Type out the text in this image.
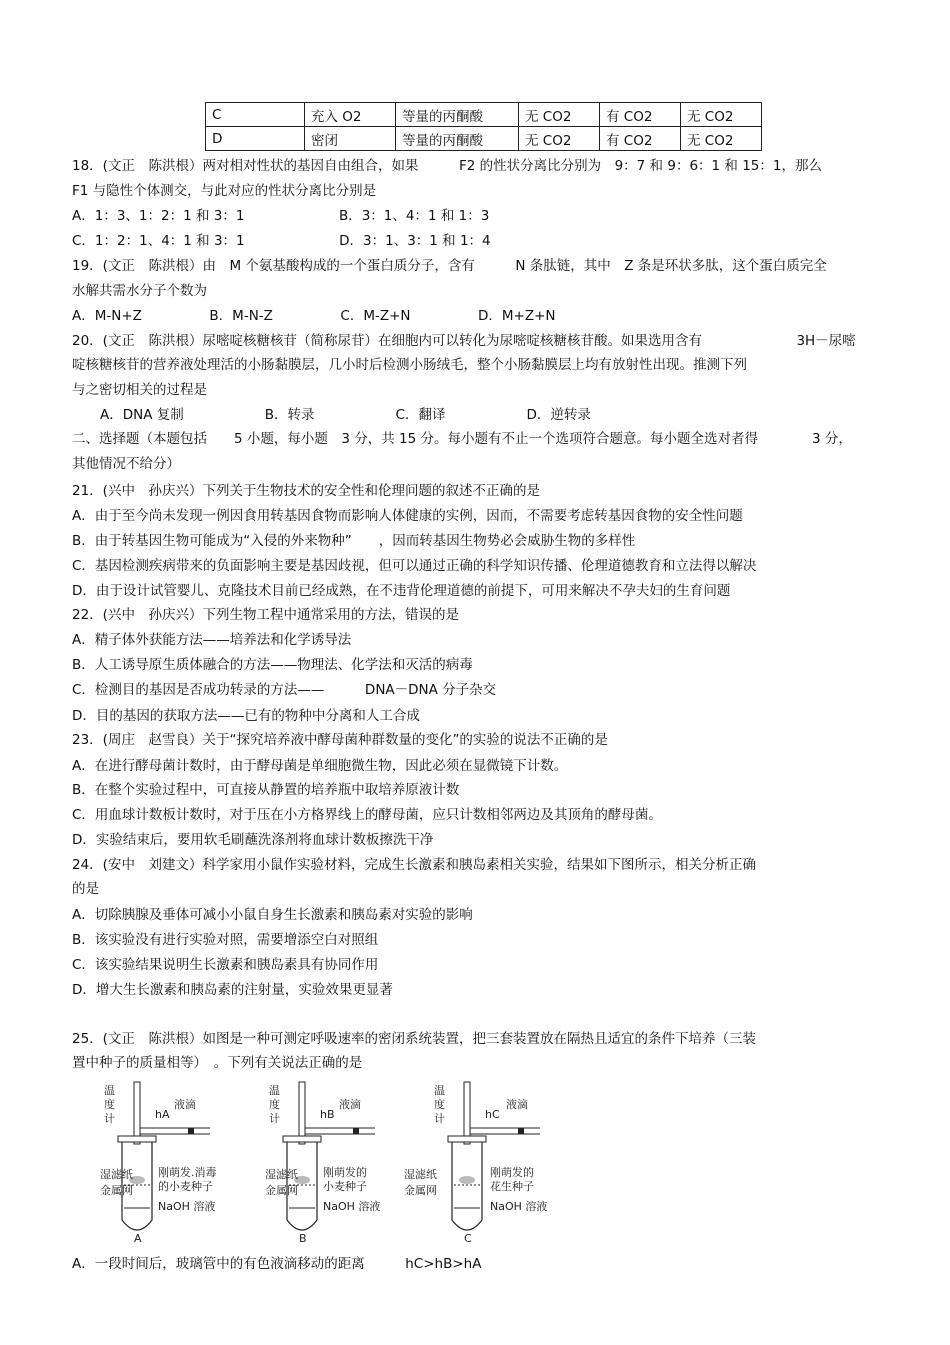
C	充入 O2	等量的丙酮酸	无 CO2	有 CO2	无 CO2
D	密闭	等量的丙酮酸	无 CO2	有 CO2	无 CO2
18．(文正　陈洪根）两对相对性状的基因自由组合，如果　　　F2 的性状分离比分别为　9：7 和 9：6：1 和 15：1，那么
F1 与隐性个体测交，与此对应的性状分离比分别是
A．1：3、1：2：1 和 3：1　　　　　　　B．3：1、4：1 和 1：3
C．1：2：1、4：1 和 3：1　　　　　　　D．3：1、3：1 和 1：4
19．(文正　陈洪根）由　M 个氨基酸构成的一个蛋白质分子，含有　　　N 条肽链，其中　Z 条是环状多肽，这个蛋白质完全
水解共需水分子个数为
A．M-N+Z　　　　　B．M-N-Z　　　　　C．M-Z+N　　　　　D．M+Z+N
20．(文正　陈洪根）尿嘧啶核糖核苷（简称尿苷）在细胞内可以转化为尿嘧啶核糖核苷酸。如果选用含有　　　　　　　3H－尿嘧
啶核糖核苷的营养液处理活的小肠黏膜层，几小时后检测小肠绒毛，整个小肠黏膜层上均有放射性出现。推测下列
与之密切相关的过程是
A．DNA 复制　　　　　　B．转录　　　　　　C．翻译　　　　　　D．逆转录
二、选择题（本题包括　　5 小题，每小题　3 分，共 15 分。每小题有不止一个选项符合题意。每小题全选对者得　　　　3 分，
其他情况不给分）
21．(兴中　孙庆兴）下列关于生物技术的安全性和伦理问题的叙述不正确的是
A．由于至今尚未发现一例因食用转基因食物而影响人体健康的实例，因而，不需要考虑转基因食物的安全性问题
B．由于转基因生物可能成为“入侵的外来物种”　　，因而转基因生物势必会威胁生物的多样性
C．基因检测疾病带来的负面影响主要是基因歧视，但可以通过正确的科学知识传播、伦理道德教育和立法得以解决
D．由于设计试管婴儿、克隆技术目前已经成熟，在不违背伦理道德的前提下，可用来解决不孕夫妇的生育问题
22．(兴中　孙庆兴）下列生物工程中通常采用的方法，错误的是
A．精子体外获能方法——培养法和化学诱导法
B．人工诱导原生质体融合的方法——物理法、化学法和灭活的病毒
C．检测目的基因是否成功转录的方法——　　　DNA－DNA 分子杂交
D．目的基因的获取方法——已有的物种中分离和人工合成
23．(周庄　赵雪良）关于“探究培养液中酵母菌种群数量的变化”的实验的说法不正确的是
A．在进行酵母菌计数时，由于酵母菌是单细胞微生物，因此必须在显微镜下计数。
B．在整个实验过程中，可直接从静置的培养瓶中取培养原液计数
C．用血球计数板计数时，对于压在小方格界线上的酵母菌，应只计数相邻两边及其顶角的酵母菌。
D．实验结束后，要用软毛刷蘸洗涤剂将血球计数板擦洗干净
24．(安中　刘建文）科学家用小鼠作实验材料，完成生长激素和胰岛素相关实验，结果如下图所示，相关分析正确
的是
A．切除胰腺及垂体可减小小鼠自身生长激素和胰岛素对实验的影响
B．该实验没有进行实验对照，需要增添空白对照组
C．该实验结果说明生长激素和胰岛素具有协同作用
D．增大生长激素和胰岛素的注射量，实验效果更显著
25．(文正　陈洪根）如图是一种可测定呼吸速率的密闭系统装置，把三套装置放在隔热且适宜的条件下培养（三装
置中种子的质量相等）　。下列有关说法正确的是
温
度
计	hA
液滴
湿滤纸
金属网
刚萌发.消毒
的小麦种子
NaOH 溶液
A
温
度
计	hB
液滴
湿滤纸
金属网
刚萌发的
小麦种子
NaOH 溶液
B
温
度
计	hC
液滴
湿滤纸
金属网
刚萌发的
花生种子
NaOH 溶液
C
A．一段时间后，玻璃管中的有色液滴移动的距离　　　hC>hB>hA
